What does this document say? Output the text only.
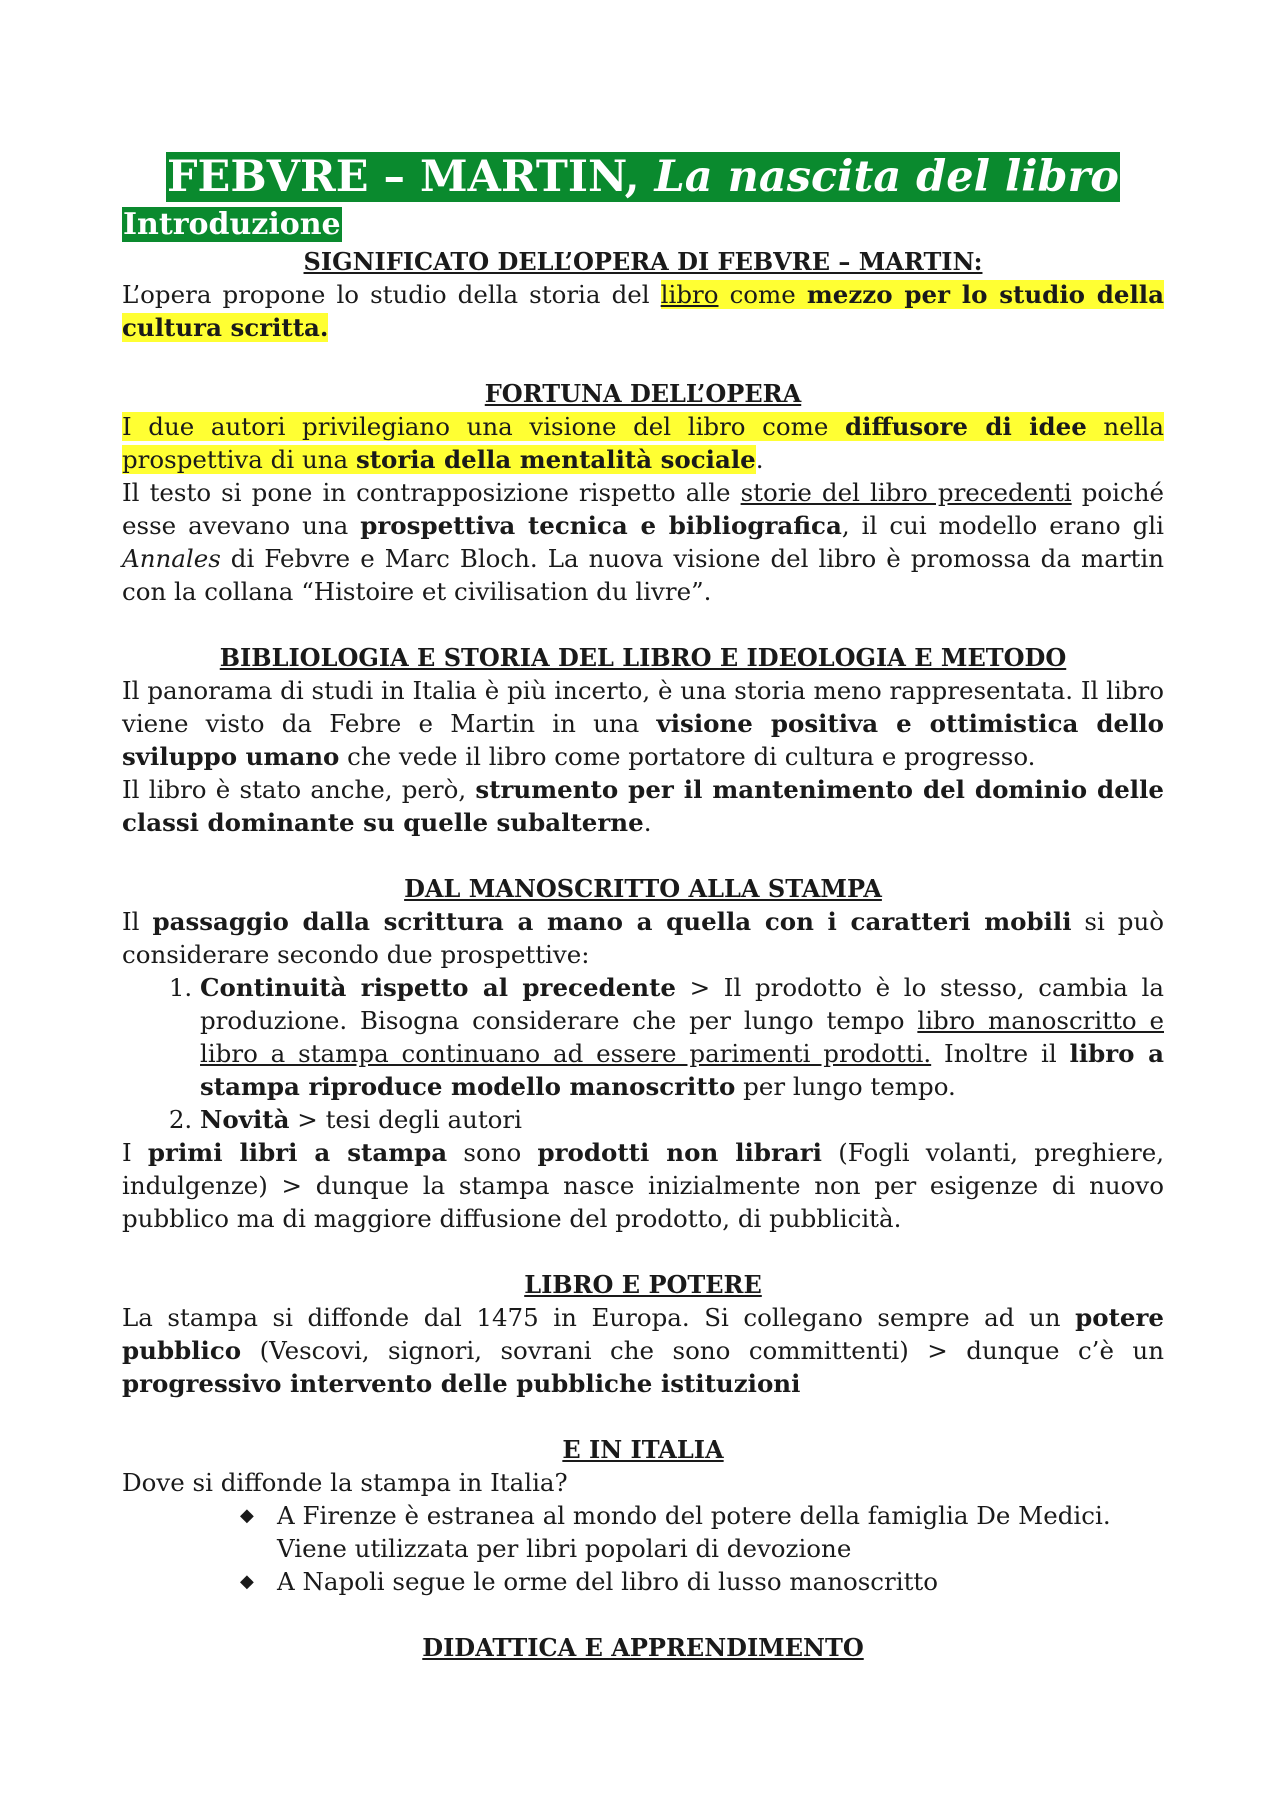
FEBVRE – MARTIN, La nascita del libro
Introduzione
SIGNIFICATO DELL’OPERA DI FEBVRE – MARTIN:

L’opera propone lo studio della storia del libro come mezzo per lo studio della cultura scritta.

FORTUNA DELL’OPERA

I due autori privilegiano una visione del libro come diffusore di idee nella prospettiva di una storia della mentalità sociale.

Il testo si pone in contrapposizione rispetto alle storie del libro precedenti poiché esse avevano una prospettiva tecnica e bibliografica, il cui modello erano gli Annales di Febvre e Marc Bloch. La nuova visione del libro è promossa da martin con la collana “Histoire et civilisation du livre”.

BIBLIOLOGIA E STORIA DEL LIBRO E IDEOLOGIA E METODO

Il panorama di studi in Italia è più incerto, è una storia meno rappresentata. Il libro viene visto da Febre e Martin in una visione positiva e ottimistica dello sviluppo umano che vede il libro come portatore di cultura e progresso.

Il libro è stato anche, però, strumento per il mantenimento del dominio delle classi dominante su quelle subalterne.

DAL MANOSCRITTO ALLA STAMPA

Il passaggio dalla scrittura a mano a quella con i caratteri mobili si può considerare secondo due prospettive:

1. Continuità rispetto al precedente > Il prodotto è lo stesso, cambia la produzione. Bisogna considerare che per lungo tempo libro manoscritto e libro a stampa continuano ad essere parimenti prodotti. Inoltre il libro a stampa riproduce modello manoscritto per lungo tempo.
2. Novità > tesi degli autori

I primi libri a stampa sono prodotti non librari (Fogli volanti, preghiere, indulgenze) > dunque la stampa nasce inizialmente non per esigenze di nuovo pubblico ma di maggiore diffusione del prodotto, di pubblicità.

LIBRO E POTERE

La stampa si diffonde dal 1475 in Europa. Si collegano sempre ad un potere pubblico (Vescovi, signori, sovrani che sono committenti) > dunque c’è un progressivo intervento delle pubbliche istituzioni

E IN ITALIA

Dove si diffonde la stampa in Italia?

◆ A Firenze è estranea al mondo del potere della famiglia De Medici. Viene utilizzata per libri popolari di devozione
◆ A Napoli segue le orme del libro di lusso manoscritto
DIDATTICA E APPRENDIMENTO
